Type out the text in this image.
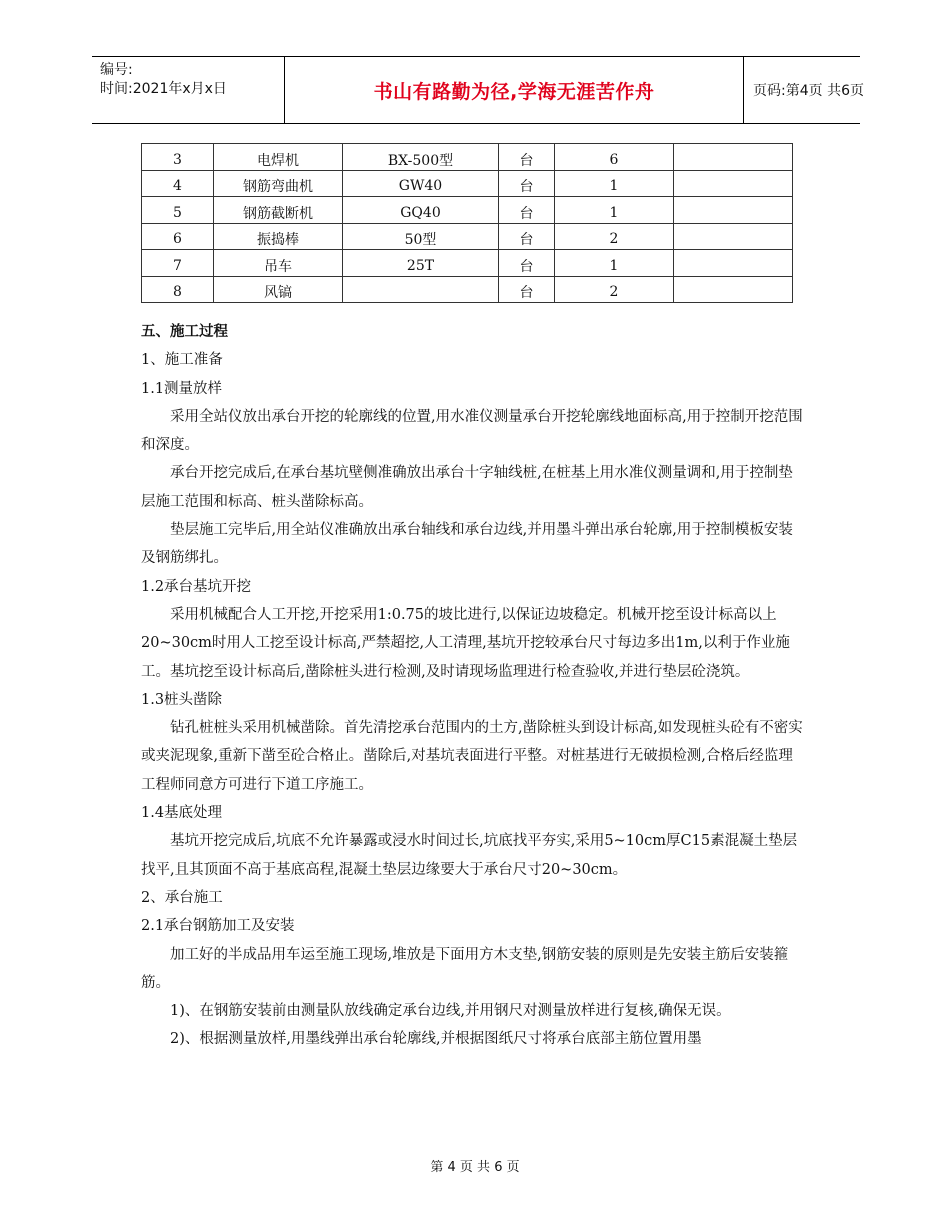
编号:
时间:2021年x月x日	书山有路勤为径,学海无涯苦作舟	页码:第4页 共6页
3	电焊机	BX-500型	台	6	
4	钢筋弯曲机	GW40	台	1	
5	钢筋截断机	GQ40	台	1	
6	振捣棒	50型	台	2	
7	吊车	25T	台	1	
8	风镐		台	2	

五、施工过程

1、施工准备

1.1测量放样

采用全站仪放出承台开挖的轮廓线的位置,用水准仪测量承台开挖轮廓线地面标高,用于控制开挖范围和深度。

承台开挖完成后,在承台基坑壁侧准确放出承台十字轴线桩,在桩基上用水准仪测量调和,用于控制垫层施工范围和标高、桩头凿除标高。

垫层施工完毕后,用全站仪准确放出承台轴线和承台边线,并用墨斗弹出承台轮廓,用于控制模板安装及钢筋绑扎。

1.2承台基坑开挖

采用机械配合人工开挖,开挖采用1:0.75的坡比进行,以保证边坡稳定。机械开挖至设计标高以上20~30cm时用人工挖至设计标高,严禁超挖,人工清理,基坑开挖较承台尺寸每边多出1m,以利于作业施工。基坑挖至设计标高后,凿除桩头进行检测,及时请现场监理进行检查验收,并进行垫层砼浇筑。

1.3桩头凿除

钻孔桩桩头采用机械凿除。首先清挖承台范围内的土方,凿除桩头到设计标高,如发现桩头砼有不密实或夹泥现象,重新下凿至砼合格止。凿除后,对基坑表面进行平整。对桩基进行无破损检测,合格后经监理工程师同意方可进行下道工序施工。

1.4基底处理

基坑开挖完成后,坑底不允许暴露或浸水时间过长,坑底找平夯实,采用5~10cm厚C15素混凝土垫层找平,且其顶面不高于基底高程,混凝土垫层边缘要大于承台尺寸20~30cm。

2、承台施工

2.1承台钢筋加工及安装

加工好的半成品用车运至施工现场,堆放是下面用方木支垫,钢筋安装的原则是先安装主筋后安装箍筋。

1)、在钢筋安装前由测量队放线确定承台边线,并用钢尺对测量放样进行复核,确保无误。

2)、根据测量放样,用墨线弹出承台轮廓线,并根据图纸尺寸将承台底部主筋位置用墨

第 4 页 共 6 页
